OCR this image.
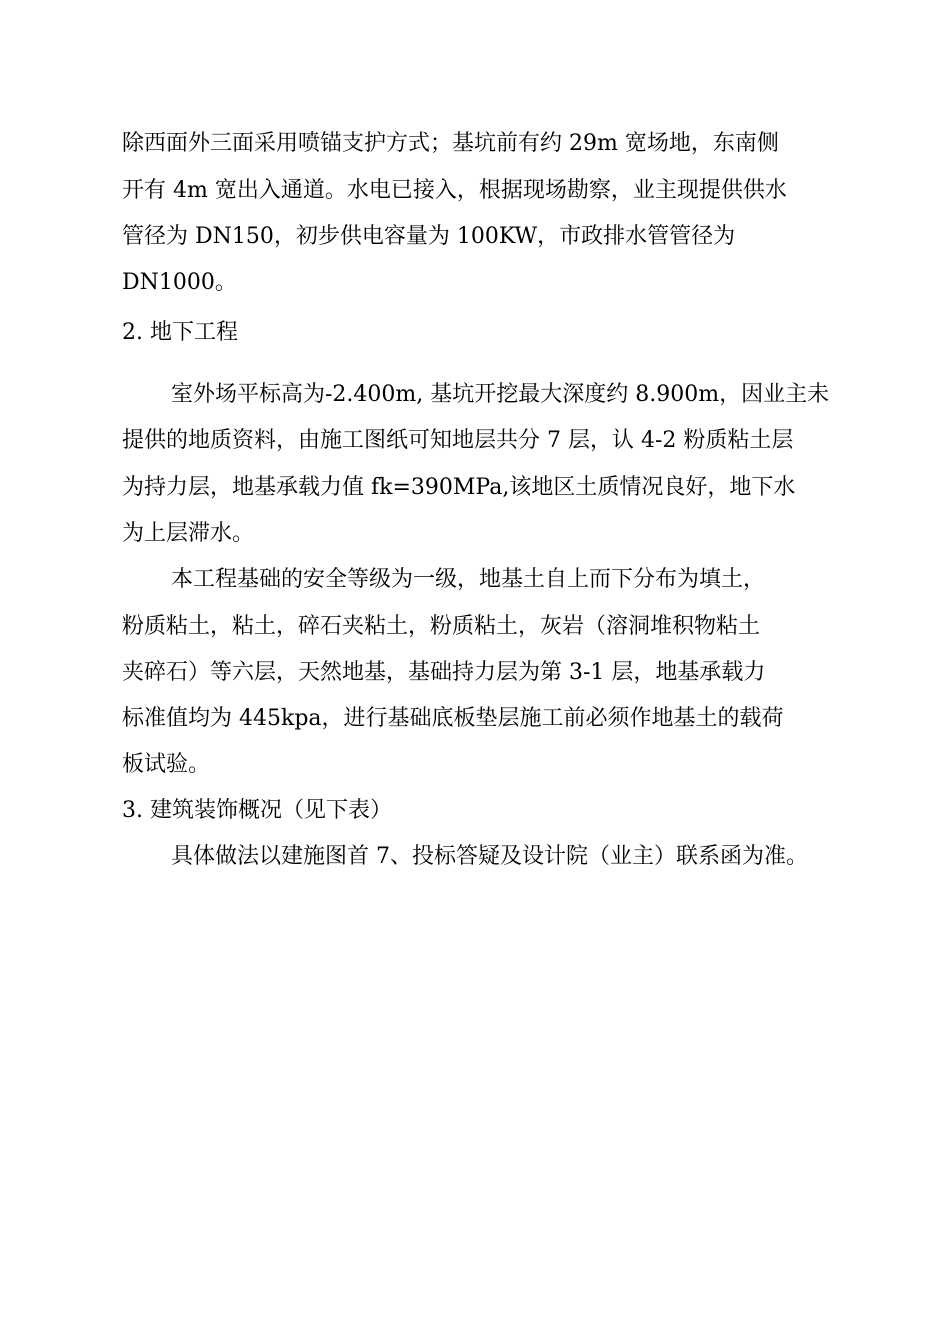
除西面外三面采用喷锚支护方式；基坑前有约 29m 宽场地，东南侧
开有 4m 宽出入通道。水电已接入，根据现场勘察，业主现提供供水
管径为 DN150，初步供电容量为 100KW，市政排水管管径为
DN1000。
2. 地下工程
室外场平标高为-2.400m, 基坑开挖最大深度约 8.900m，因业主未
提供的地质资料，由施工图纸可知地层共分 7 层，认 4-2 粉质粘土层
为持力层，地基承载力值 fk=390MPa,该地区土质情况良好，地下水
为上层滞水。
本工程基础的安全等级为一级，地基土自上而下分布为填土，
粉质粘土，粘土，碎石夹粘土，粉质粘土，灰岩（溶洞堆积物粘土
夹碎石）等六层，天然地基，基础持力层为第 3-1 层，地基承载力
标准值均为 445kpa，进行基础底板垫层施工前必须作地基土的载荷
板试验。
3. 建筑装饰概况（见下表）
具体做法以建施图首 7、投标答疑及设计院（业主）联系函为准。
